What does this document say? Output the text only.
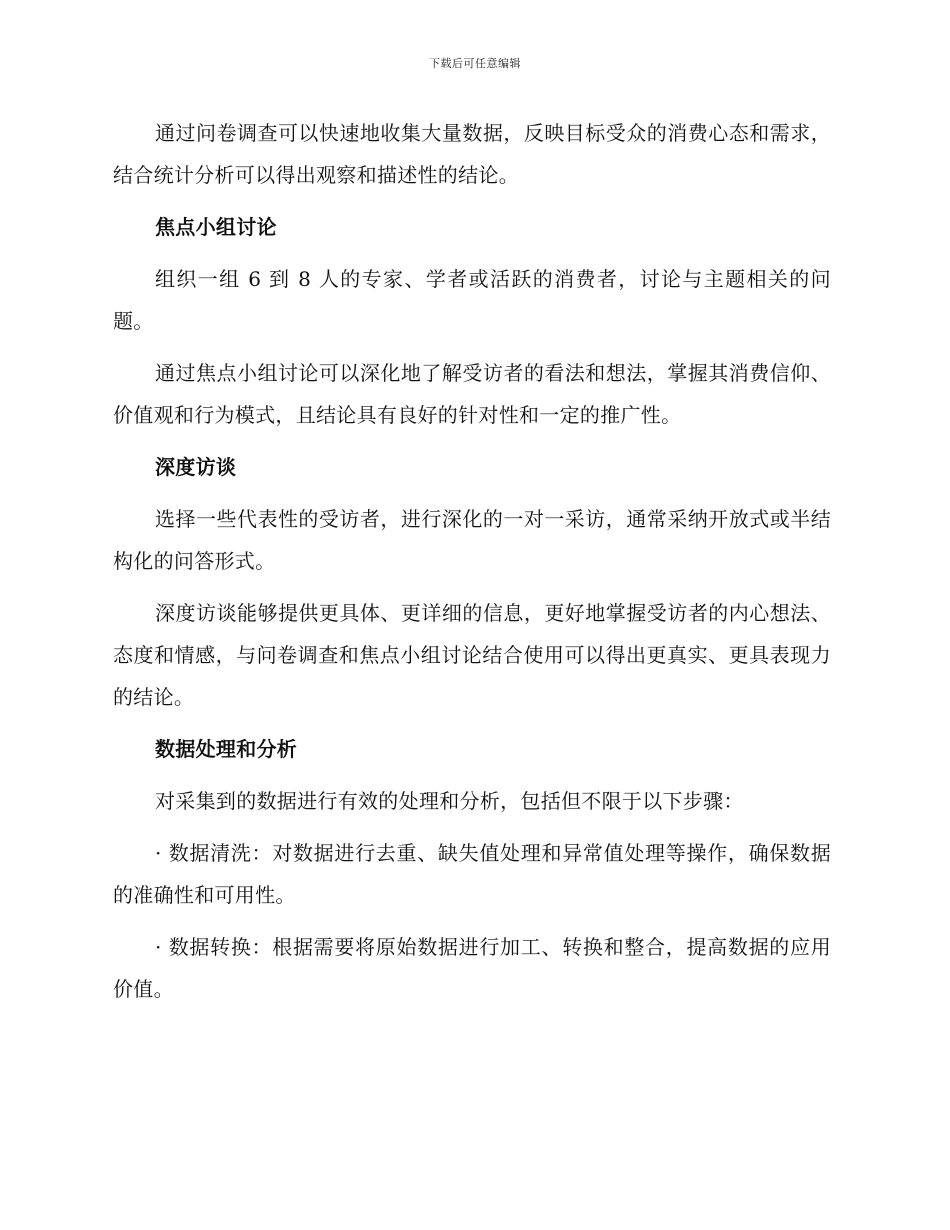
下载后可任意编辑

通过问卷调查可以快速地收集大量数据，反映目标受众的消费心态和需求，结合统计分析可以得出观察和描述性的结论。

焦点小组讨论

组织一组 6 到 8 人的专家、学者或活跃的消费者，讨论与主题相关的问题。

通过焦点小组讨论可以深化地了解受访者的看法和想法，掌握其消费信仰、价值观和行为模式，且结论具有良好的针对性和一定的推广性。

深度访谈

选择一些代表性的受访者，进行深化的一对一采访，通常采纳开放式或半结构化的问答形式。

深度访谈能够提供更具体、更详细的信息，更好地掌握受访者的内心想法、态度和情感，与问卷调查和焦点小组讨论结合使用可以得出更真实、更具表现力的结论。

数据处理和分析

对采集到的数据进行有效的处理和分析，包括但不限于以下步骤：

· 数据清洗：对数据进行去重、缺失值处理和异常值处理等操作，确保数据的准确性和可用性。

· 数据转换：根据需要将原始数据进行加工、转换和整合，提高数据的应用价值。
